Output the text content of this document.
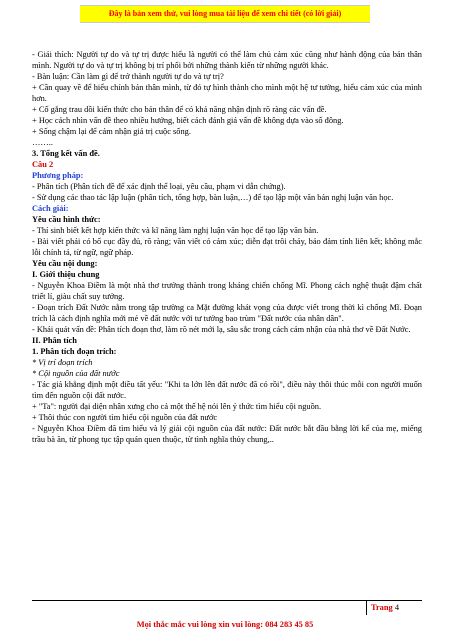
Đây là bản xem thử, vui lòng mua tài liệu để xem chi tiết (có lời giải)

- Giải thích: Người tự do và tự trị được hiểu là người có thể làm chủ cảm xúc cũng như hành động của bản thân mình. Người tự do và tự trị không bị trí phối bởi những thành kiến từ những người khác.

- Bàn luận: Cần làm gì để trở thành người tự do và tự trị?

+ Cần quay về để hiểu chính bản thân mình, từ đó tự hình thành cho mình một hệ tư tưởng, hiểu cảm xúc của mình hơn.

+ Cố gắng trau dồi kiến thức cho bản thân để có khả năng nhận định rõ ràng các vấn đề.

+ Học cách nhìn vấn đề theo nhiều hướng, biết cách đánh giá vấn đề không dựa vào số đông.

+ Sống chậm lại để cảm nhận giá trị cuộc sống.

……..

3. Tổng kết vấn đề.

Câu 2

Phương pháp:

- Phân tích (Phân tích đề để xác định thể loại, yêu cầu, phạm vi dẫn chứng).

- Sử dụng các thao tác lập luận (phân tích, tổng hợp, bàn luận,…) để tạo lập một văn bản nghị luận văn học.

Cách giải:

Yêu cầu hình thức:

- Thí sinh biết kết hợp kiến thức và kĩ năng làm nghị luận văn học để tạo lập văn bản.

- Bài viết phải có bố cục đầy đủ, rõ ràng; văn viết có cảm xúc; diễn đạt trôi chảy, bảo đảm tính liên kết; không mắc lỗi chính tả, từ ngữ, ngữ pháp.

Yêu cầu nội dung:

I. Giới thiệu chung

- Nguyễn Khoa Điềm là một nhà thơ trưởng thành trong kháng chiến chống Mĩ. Phong cách nghệ thuật đậm chất triết lí, giàu chất suy tưởng.

- Đoạn trích Đất Nước nằm trong tập trường ca Mặt đường khát vọng của được viết trong thời kì chống Mĩ. Đoạn trích là cách định nghĩa mới mẻ về đất nước với tư tưởng bao trùm "Đất nước của nhân dân".

- Khái quát vấn đề: Phân tích đoạn thơ, làm rõ nét mới lạ, sâu sắc trong cách cảm nhận của nhà thơ về Đất Nước.

II. Phân tích

1. Phân tích đoạn trích:

* Vị trí đoạn trích

* Cội nguồn của đất nước

- Tác giả khẳng định một điều tất yếu: "Khi ta lớn lên đất nước đã có rồi", điều này thôi thúc mỗi con người muốn tìm đến nguồn cội đất nước.

+ "Ta": người đại diện nhân xưng cho cả một thế hệ nói lên ý thức tìm hiểu cội nguồn.

+ Thôi thúc con người tìm hiểu cội nguồn của đất nước

- Nguyễn Khoa Điềm đã tìm hiểu và lý giải cội nguồn của đất nước: Đất nước bắt đầu bằng lời kể của mẹ, miếng trầu bà ăn, từ phong tục tập quán quen thuộc, từ tình nghĩa thủy chung,..

Trang 4
Mọi thắc mắc vui lòng xin vui lòng: 084 283 45 85
